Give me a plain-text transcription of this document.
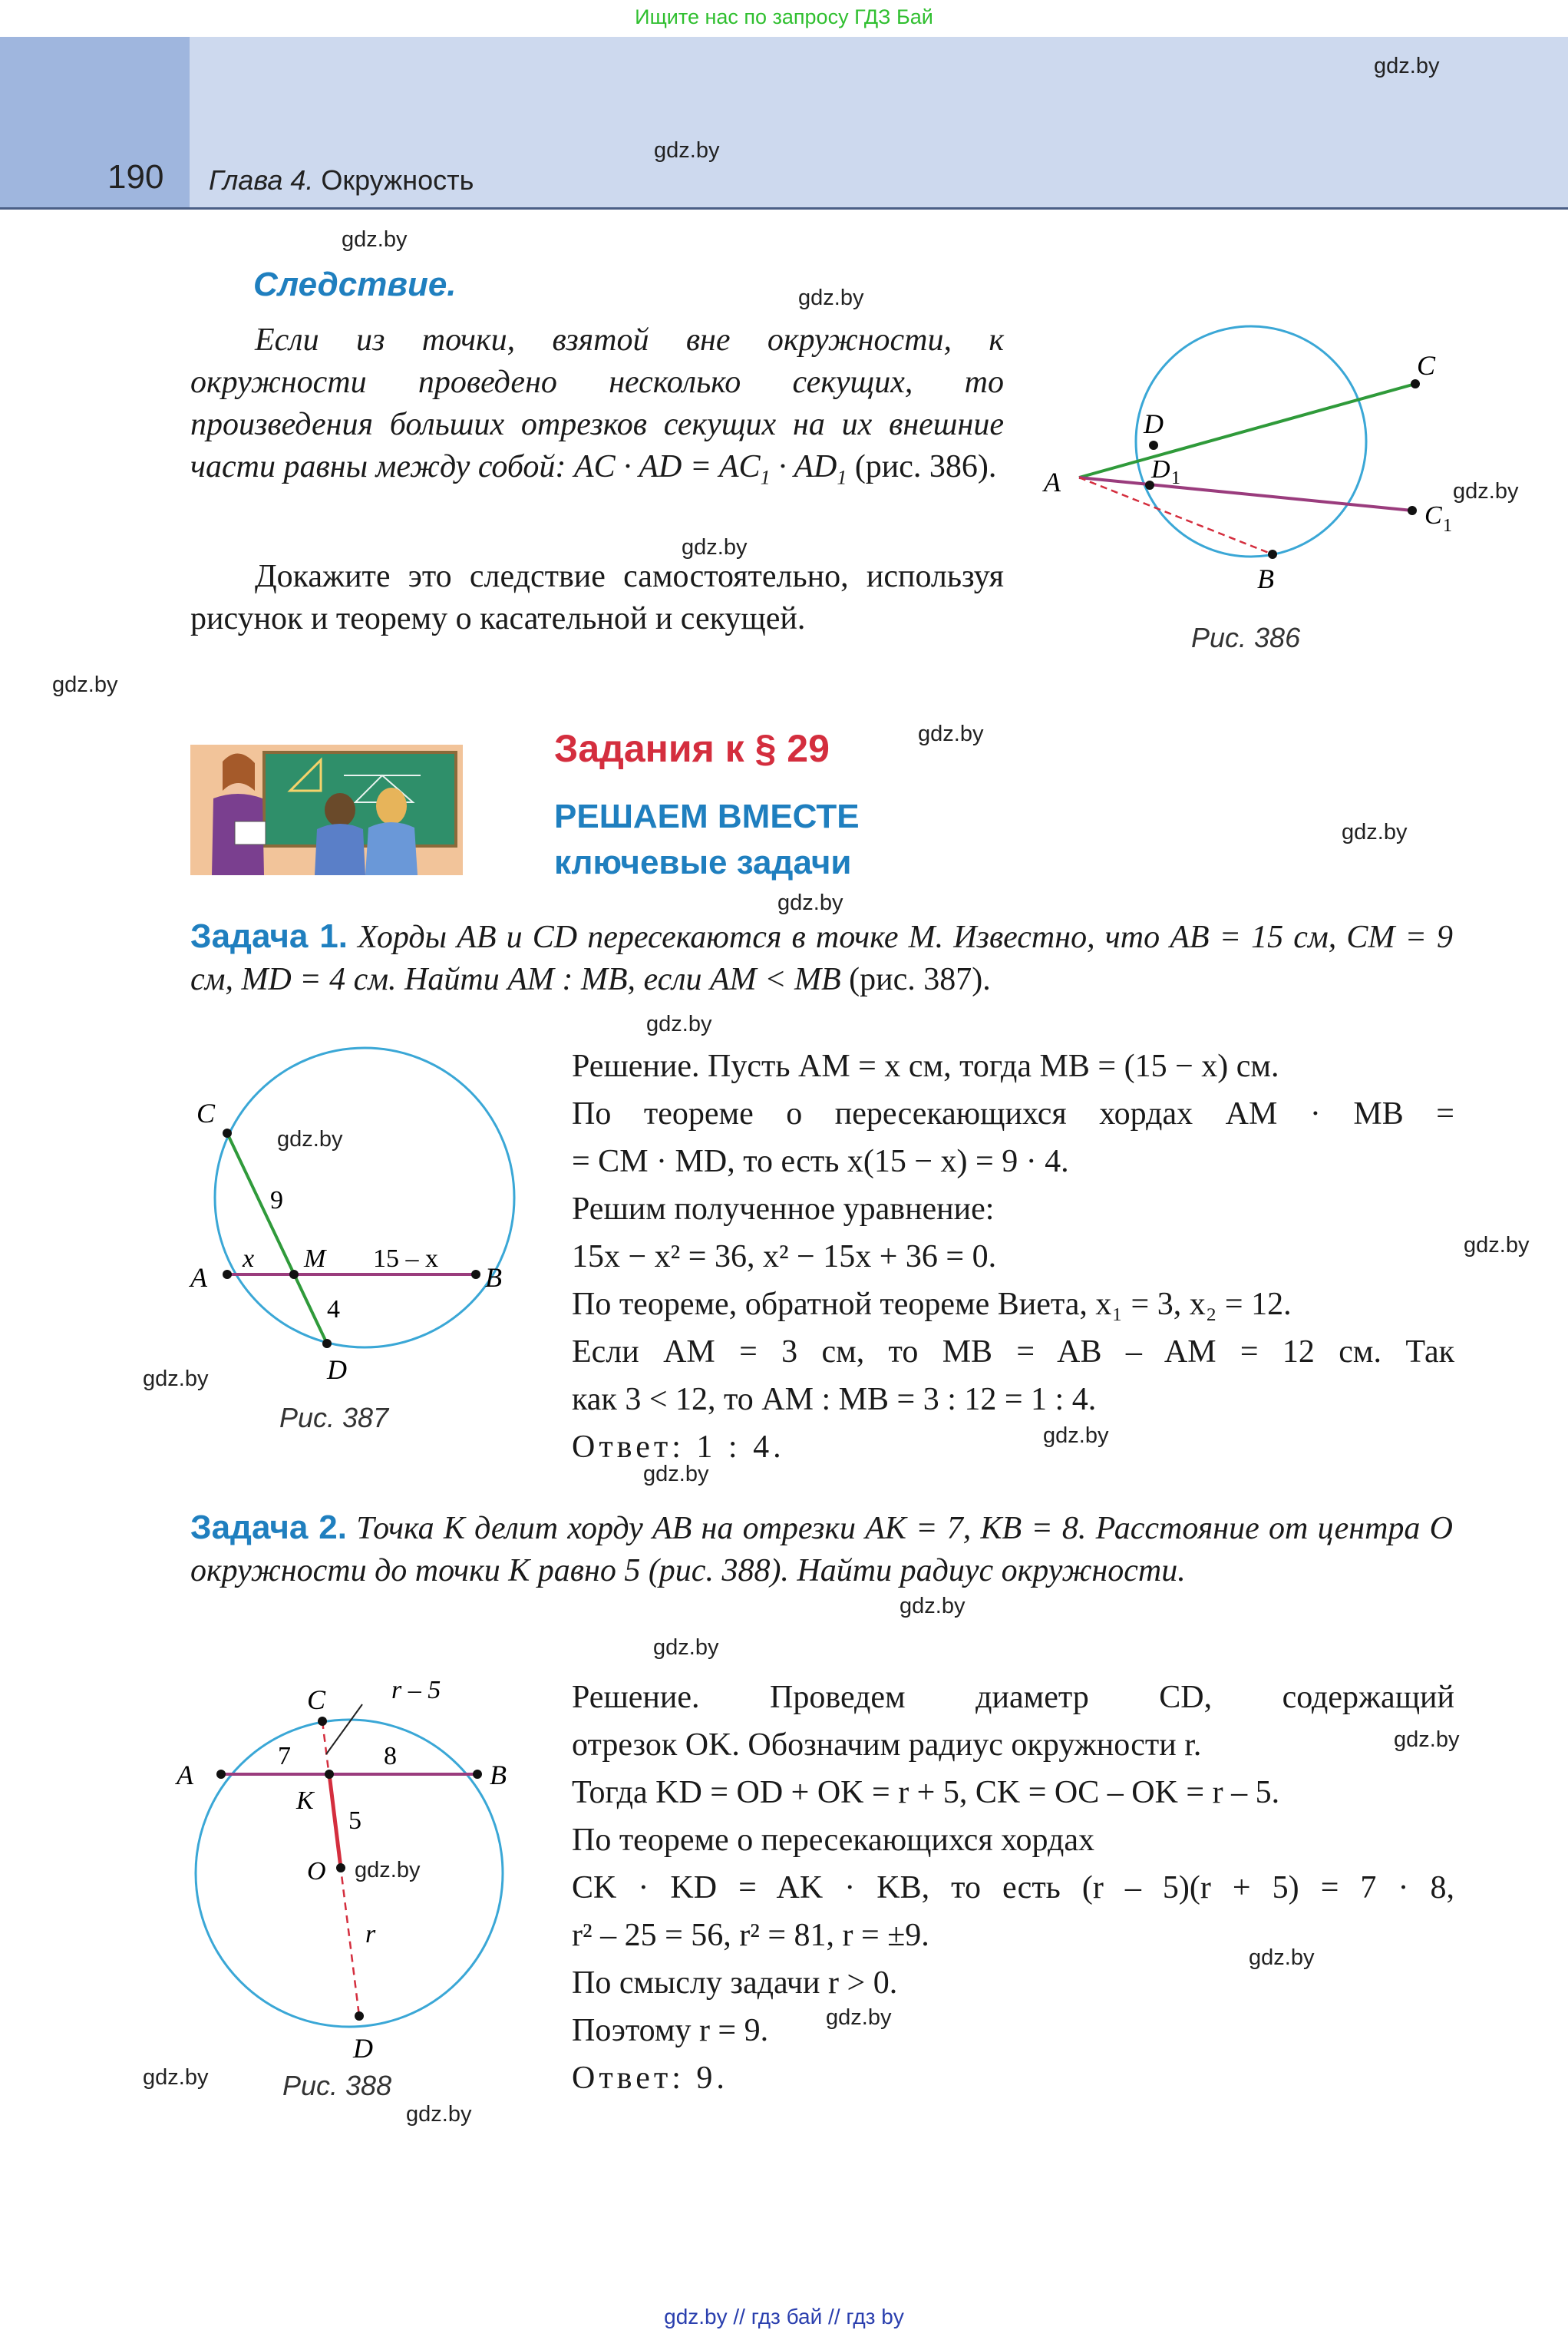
Ищите нас по запросу ГДЗ Бай
190 Глава 4. Окружность
gdz.by
gdz.by
gdz.by
gdz.by
gdz.by
gdz.by
gdz.by
gdz.by
gdz.by
gdz.by
gdz.by
gdz.by
gdz.by
gdz.by
gdz.by
gdz.by
gdz.by
gdz.by
gdz.by
gdz.by
gdz.by
gdz.by
gdz.by
gdz.by
Следствие.
Если из точки, взятой вне окружности, к окружности проведено несколько секущих, то произведения больших отрезков секущих на их внешние части равны между собой: AC · AD = $AC_1 \cdot AD_1$ (рис. 386).
Докажите это следствие самостоятельно, используя рисунок и теорему о касательной и секущей.
A
D
C
D 1
C 1
B
Рис. 386
Задания к § 29
РЕШАЕМ ВМЕСТЕ
ключевые задачи
Задача 1. Хорды AB и CD пересекаются в точке M. Известно, что AB = 15 см, CM = 9 см, MD = 4 см. Найти AM : MB, если AM < MB (рис. 387).
C
A	B
D
M
x
9
4
15 – x
Рис. 387
Решение. Пусть AM = x см, тогда MB = (15 − x) см.
По теореме о пересекающихся хордах AM · MB =
= CM · MD, то есть x(15 − x) = 9 · 4.
Решим полученное уравнение:
15x − x² = 36, x² − 15x + 36 = 0.
По теореме, обратной теореме Виета, x₁ = 3, x₂ = 12.
Если AM = 3 см, то MB = AB – AM = 12 см. Так
как 3 < 12, то AM : MB = 3 : 12 = 1 : 4.
Ответ: 1 : 4.
Задача 2. Точка K делит хорду AB на отрезки AK = 7, KB = 8. Расстояние от центра O окружности до точки K равно 5 (рис. 388). Найти радиус окружности.
C
A	B
D
K
O
7	8
5
r
r – 5
Рис. 388
Решение. Проведем диаметр CD, содержащий
отрезок OK. Обозначим радиус окружности r.
Тогда KD = OD + OK = r + 5, CK = OC – OK = r – 5.
По теореме о пересекающихся хордах
CK · KD = AK · KB, то есть (r – 5)(r + 5) = 7 · 8,
r² – 25 = 56, r² = 81, r = ±9.
По смыслу задачи r > 0.
Поэтому r = 9.
Ответ: 9.
gdz.by // гдз бай // гдз by
